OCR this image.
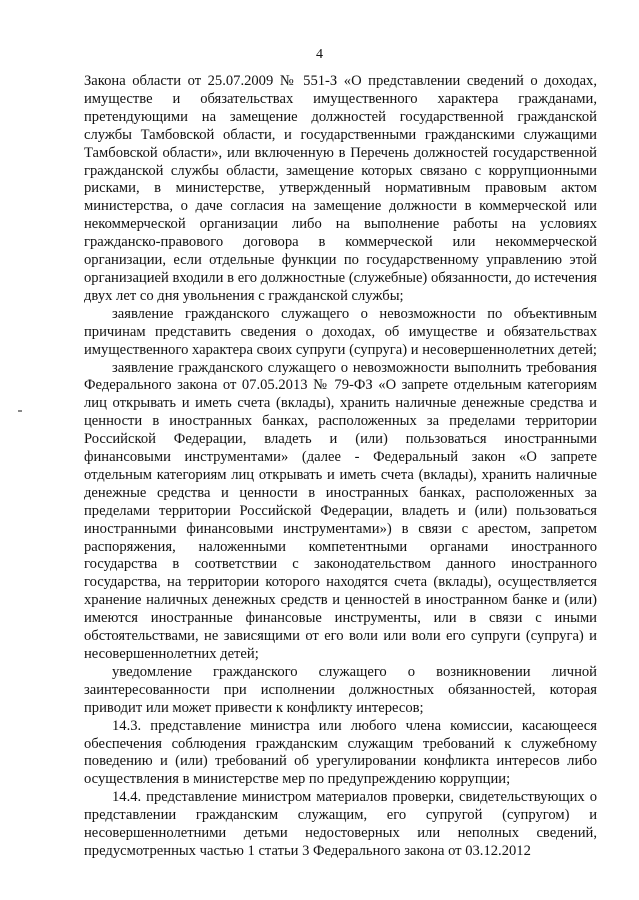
4

Закона области от 25.07.2009 № 551-З «О представлении сведений о доходах, имуществе и обязательствах имущественного характера гражданами, претендующими на замещение должностей государственной гражданской службы Тамбовской области, и государственными гражданскими служащими Тамбовской области», или включенную в Перечень должностей государственной гражданской службы области, замещение которых связано с коррупционными рисками, в министерстве, утвержденный нормативным правовым актом министерства, о даче согласия на замещение должности в коммерческой или некоммерческой организации либо на выполнение работы на условиях гражданско-правового договора в коммерческой или некоммерческой организации, если отдельные функции по государственному управлению этой организацией входили в его должностные (служебные) обязанности, до истечения двух лет со дня увольнения с гражданской службы;

заявление гражданского служащего о невозможности по объективным причинам представить сведения о доходах, об имуществе и обязательствах имущественного характера своих супруги (супруга) и несовершеннолетних детей;

заявление гражданского служащего о невозможности выполнить требования Федерального закона от 07.05.2013 № 79-ФЗ «О запрете отдельным категориям лиц открывать и иметь счета (вклады), хранить наличные денежные средства и ценности в иностранных банках, расположенных за пределами территории Российской Федерации, владеть и (или) пользоваться иностранными финансовыми инструментами» (далее - Федеральный закон «О запрете отдельным категориям лиц открывать и иметь счета (вклады), хранить наличные денежные средства и ценности в иностранных банках, расположенных за пределами территории Российской Федерации, владеть и (или) пользоваться иностранными финансовыми инструментами») в связи с арестом, запретом распоряжения, наложенными компетентными органами иностранного государства в соответствии с законодательством данного иностранного государства, на территории которого находятся счета (вклады), осуществляется хранение наличных денежных средств и ценностей в иностранном банке и (или) имеются иностранные финансовые инструменты, или в связи с иными обстоятельствами, не зависящими от его воли или воли его супруги (супруга) и несовершеннолетних детей;

уведомление гражданского служащего о возникновении личной заинтересованности при исполнении должностных обязанностей, которая приводит или может привести к конфликту интересов;

14.3. представление министра или любого члена комиссии, касающееся обеспечения соблюдения гражданским служащим требований к служебному поведению и (или) требований об урегулировании конфликта интересов либо осуществления в министерстве мер по предупреждению коррупции;

14.4. представление министром материалов проверки, свидетельствующих о представлении гражданским служащим, его супругой (супругом) и несовершеннолетними детьми недостоверных или неполных сведений, предусмотренных частью 1 статьи 3 Федерального закона от 03.12.2012
